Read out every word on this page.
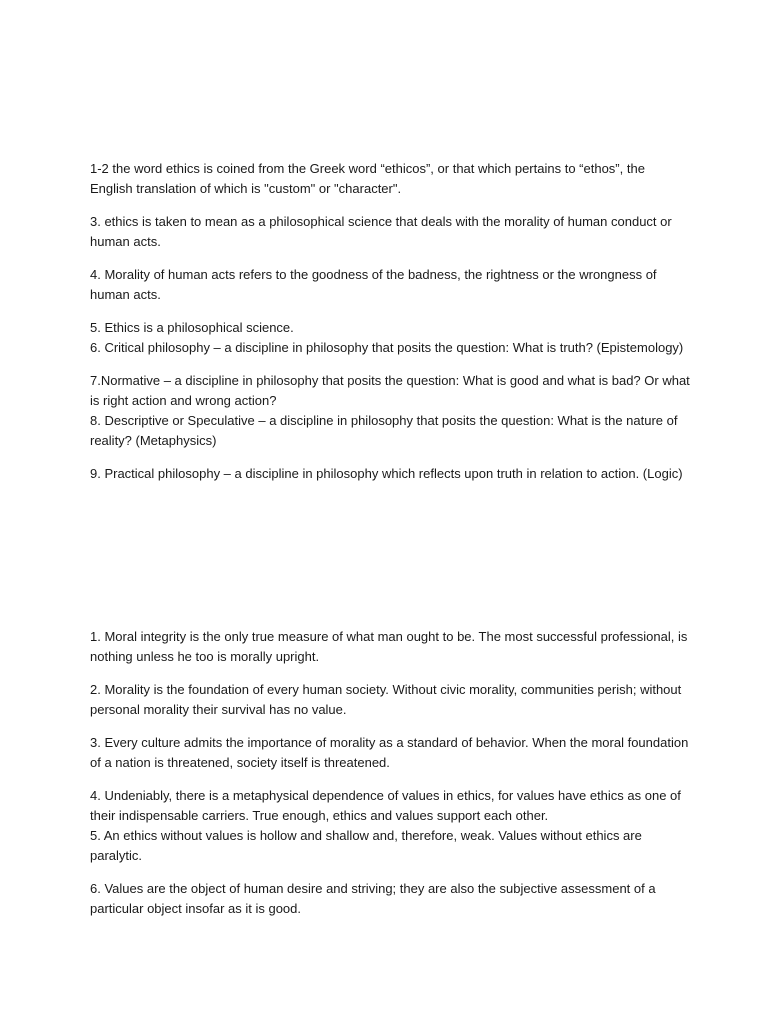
1-2 the word ethics is coined from the Greek word “ethicos”, or that which pertains to “ethos”, the English translation of which is "custom" or "character".

3. ethics is taken to mean as a philosophical science that deals with the morality of human conduct or human acts.

4. Morality of human acts refers to the goodness of the badness, the rightness or the wrongness of human acts.

5. Ethics is a philosophical science.

6. Critical philosophy – a discipline in philosophy that posits the question: What is truth? (Epistemology)

7.Normative – a discipline in philosophy that posits the question: What is good and what is bad? Or what is right action and wrong action?

8. Descriptive or Speculative – a discipline in philosophy that posits the question: What is the nature of reality? (Metaphysics)

9. Practical philosophy – a discipline in philosophy which reflects upon truth in relation to action. (Logic)

1. Moral integrity is the only true measure of what man ought to be. The most successful professional, is nothing unless he too is morally upright.

2. Morality is the foundation of every human society. Without civic morality, communities perish; without personal morality their survival has no value.

3. Every culture admits the importance of morality as a standard of behavior. When the moral foundation of a nation is threatened, society itself is threatened.

4. Undeniably, there is a metaphysical dependence of values in ethics, for values have ethics as one of their indispensable carriers. True enough, ethics and values support each other.

5. An ethics without values is hollow and shallow and, therefore, weak. Values without ethics are paralytic.

6. Values are the object of human desire and striving; they are also the subjective assessment of a particular object insofar as it is good.
